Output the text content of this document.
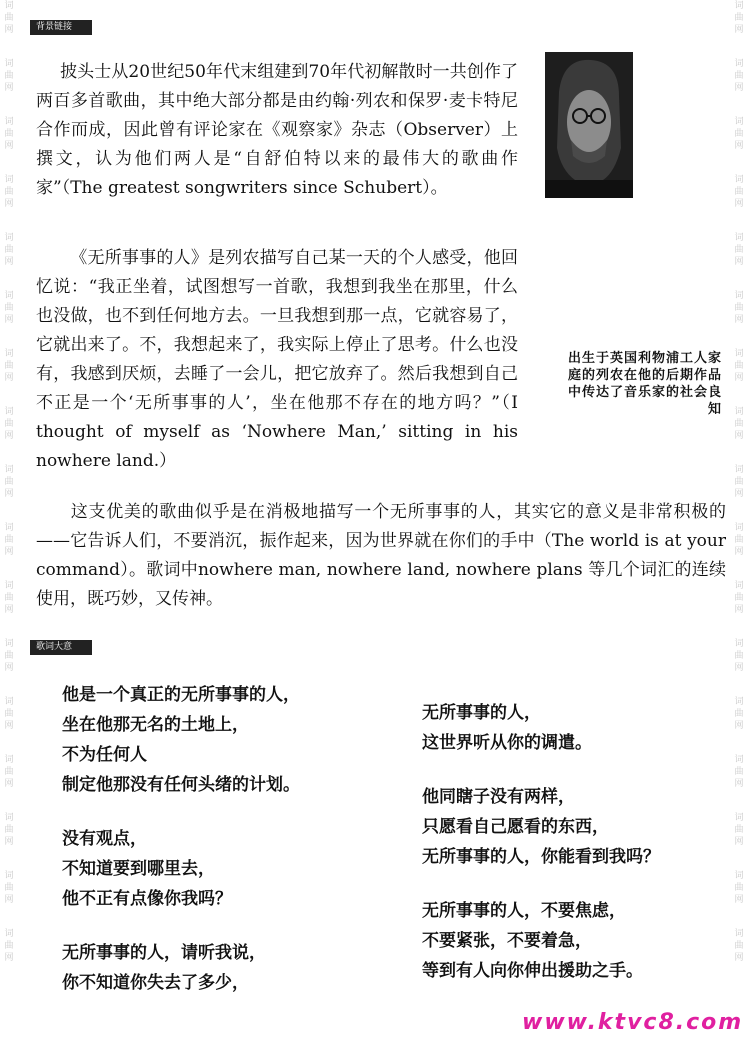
词
曲
网
词
曲
网
词
曲
网
词
曲
网
词
曲
网
词
曲
网
词
曲
网
词
曲
网
词
曲
网
词
曲
网
词
曲
网
词
曲
网
词
曲
网
词
曲
网
词
曲
网
词
曲
网
词
曲
网
词
曲
网
词
曲
网
词
曲
网
词
曲
网
词
曲
网
词
曲
网
词
曲
网
词
曲
网
词
曲
网
词
曲
网
词
曲
网
词
曲
网
词
曲
网
词
曲
网
词
曲
网
词
曲
网
词
曲
网
背景链接
披头士从20世纪50年代末组建到70年代初解散时一共创作了两百多首歌曲，其中绝大部分都是由约翰·列农和保罗·麦卡特尼合作而成，因此曾有评论家在《观察家》杂志（Observer）上撰文，认为他们两人是“自舒伯特以来的最伟大的歌曲作家”（The greatest songwriters since Schubert）。
《无所事事的人》是列农描写自己某一天的个人感受，他回忆说：“我正坐着，试图想写一首歌，我想到我坐在那里，什么也没做，也不到任何地方去。一旦我想到那一点，它就容易了，它就出来了。不，我想起来了，我实际上停止了思考。什么也没有，我感到厌烦，去睡了一会儿，把它放弃了。然后我想到自己不正是一个‘无所事事的人’，坐在他那不存在的地方吗？”（I thought of myself as ‘Nowhere Man,’ sitting in his nowhere land.）
出生于英国利物浦工人家庭的列农在他的后期作品中传达了音乐家的社会良知
这支优美的歌曲似乎是在消极地描写一个无所事事的人，其实它的意义是非常积极的——它告诉人们，不要消沉，振作起来，因为世界就在你们的手中（The world is at your command）。歌词中nowhere man, nowhere land, nowhere plans 等几个词汇的连续使用，既巧妙，又传神。
歌词大意
他是一个真正的无所事事的人，
坐在他那无名的土地上，
不为任何人
制定他那没有任何头绪的计划。
没有观点，
不知道要到哪里去，
他不正有点像你我吗？
无所事事的人，请听我说，
你不知道你失去了多少，
无所事事的人，
这世界听从你的调遣。
他同瞎子没有两样，
只愿看自己愿看的东西，
无所事事的人，你能看到我吗？
无所事事的人，不要焦虑，
不要紧张，不要着急，
等到有人向你伸出援助之手。
www.ktvc8.com
